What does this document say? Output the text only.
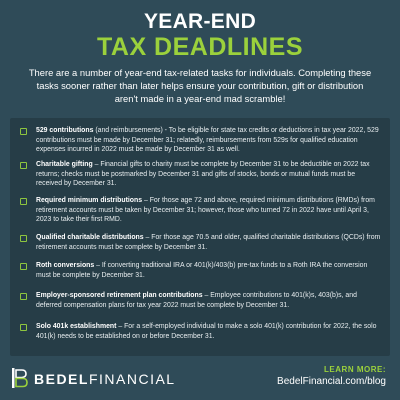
YEAR-END
TAX DEADLINES
There are a number of year-end tax-related tasks for individuals. Completing these tasks sooner rather than later helps ensure your contribution, gift or distribution aren't made in a year-end mad scramble!
529 contributions (and reimbursements) - To be eligible for state tax credits or deductions in tax year 2022, 529 contributions must be made by December 31; relatedly, reimbursements from 529s for qualified education expenses incurred in 2022 must be made by December 31 as well.
Charitable gifting – Financial gifts to charity must be complete by December 31 to be deductible on 2022 tax returns; checks must be postmarked by December 31 and gifts of stocks, bonds or mutual funds must be received by December 31.
Required minimum distributions – For those age 72 and above, required minimum distributions (RMDs) from retirement accounts must be taken by December 31; however, those who turned 72 in 2022 have until April 3, 2023 to take their first RMD.
Qualified charitable distributions – For those age 70.5 and older, qualified charitable distributions (QCDs) from retirement accounts must be complete by December 31.
Roth conversions – If converting traditional IRA or 401(k)/403(b) pre-tax funds to a Roth IRA the conversion must be complete by December 31.
Employer-sponsored retirement plan contributions – Employee contributions to 401(k)s, 403(b)s, and deferred compensation plans for tax year 2022 must be complete by December 31.
Solo 401k establishment – For a self-employed individual to make a solo 401(k) contribution for 2022, the solo 401(k) needs to be established on or before December 31.
BEDELFINANCIAL
LEARN MORE:
BedelFinancial.com/blog
